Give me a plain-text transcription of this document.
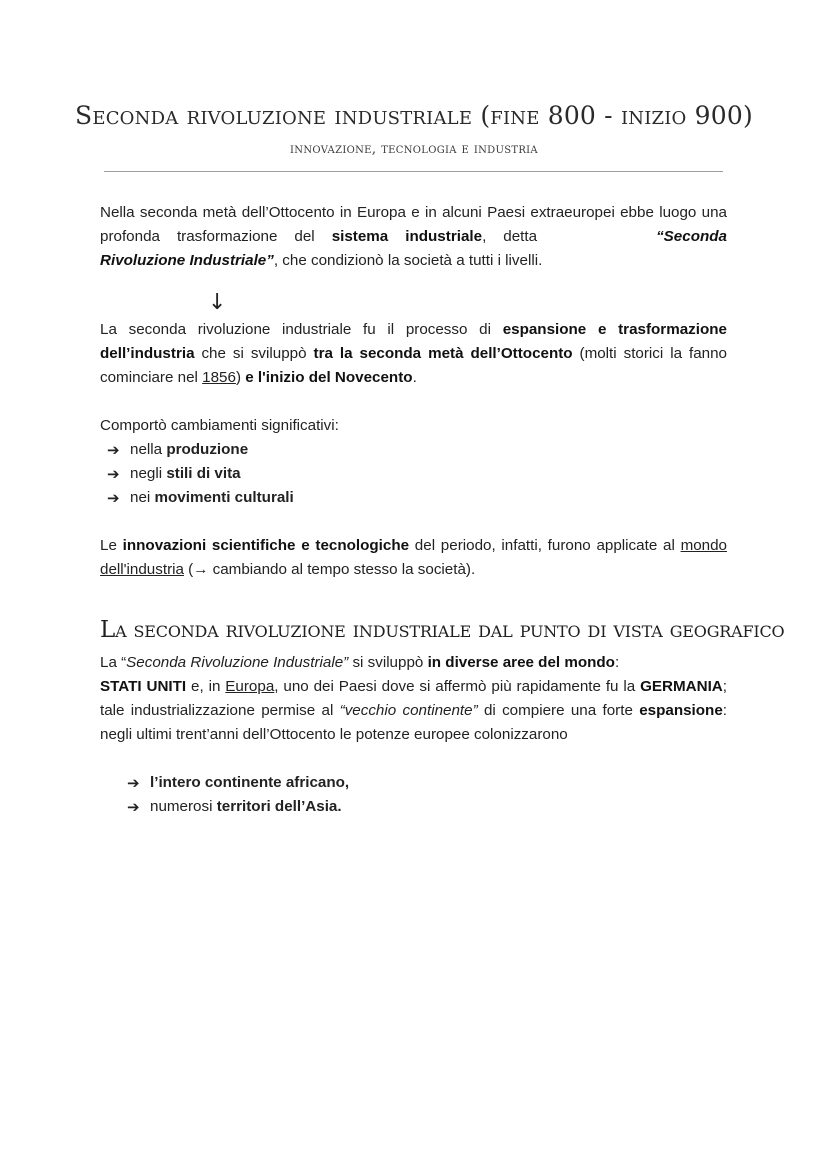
Seconda rivoluzione industriale (fine 800 - inizio 900)
innovazione, tecnologia e industria
Nella seconda metà dell’Ottocento in Europa e in alcuni Paesi extraeuropei ebbe luogo una profonda trasformazione del sistema industriale, detta	“Seconda Rivoluzione Industriale”, che condizionò la società a tutti i livelli.
↓
La seconda rivoluzione industriale fu il processo di espansione e trasformazione dell’industria che si sviluppò tra la seconda metà dell’Ottocento (molti storici la fanno cominciare nel 1856) e l'inizio del Novecento.
Comportò cambiamenti significativi:
➔ nella produzione
➔ negli stili di vita
➔ nei movimenti culturali
Le innovazioni scientifiche e tecnologiche del periodo, infatti, furono applicate al mondo dell'industria (→ cambiando al tempo stesso la società).
La seconda rivoluzione industriale dal punto di vista geografico
La “Seconda Rivoluzione Industriale” si sviluppò in diverse aree del mondo:
STATI UNITI e, in Europa, uno dei Paesi dove si affermò più rapidamente fu la GERMANIA; tale industrializzazione permise al “vecchio continente” di compiere una forte espansione: negli ultimi trent’anni dell’Ottocento le potenze europee colonizzarono
➔ l’intero continente africano,
➔ numerosi territori dell’Asia.
